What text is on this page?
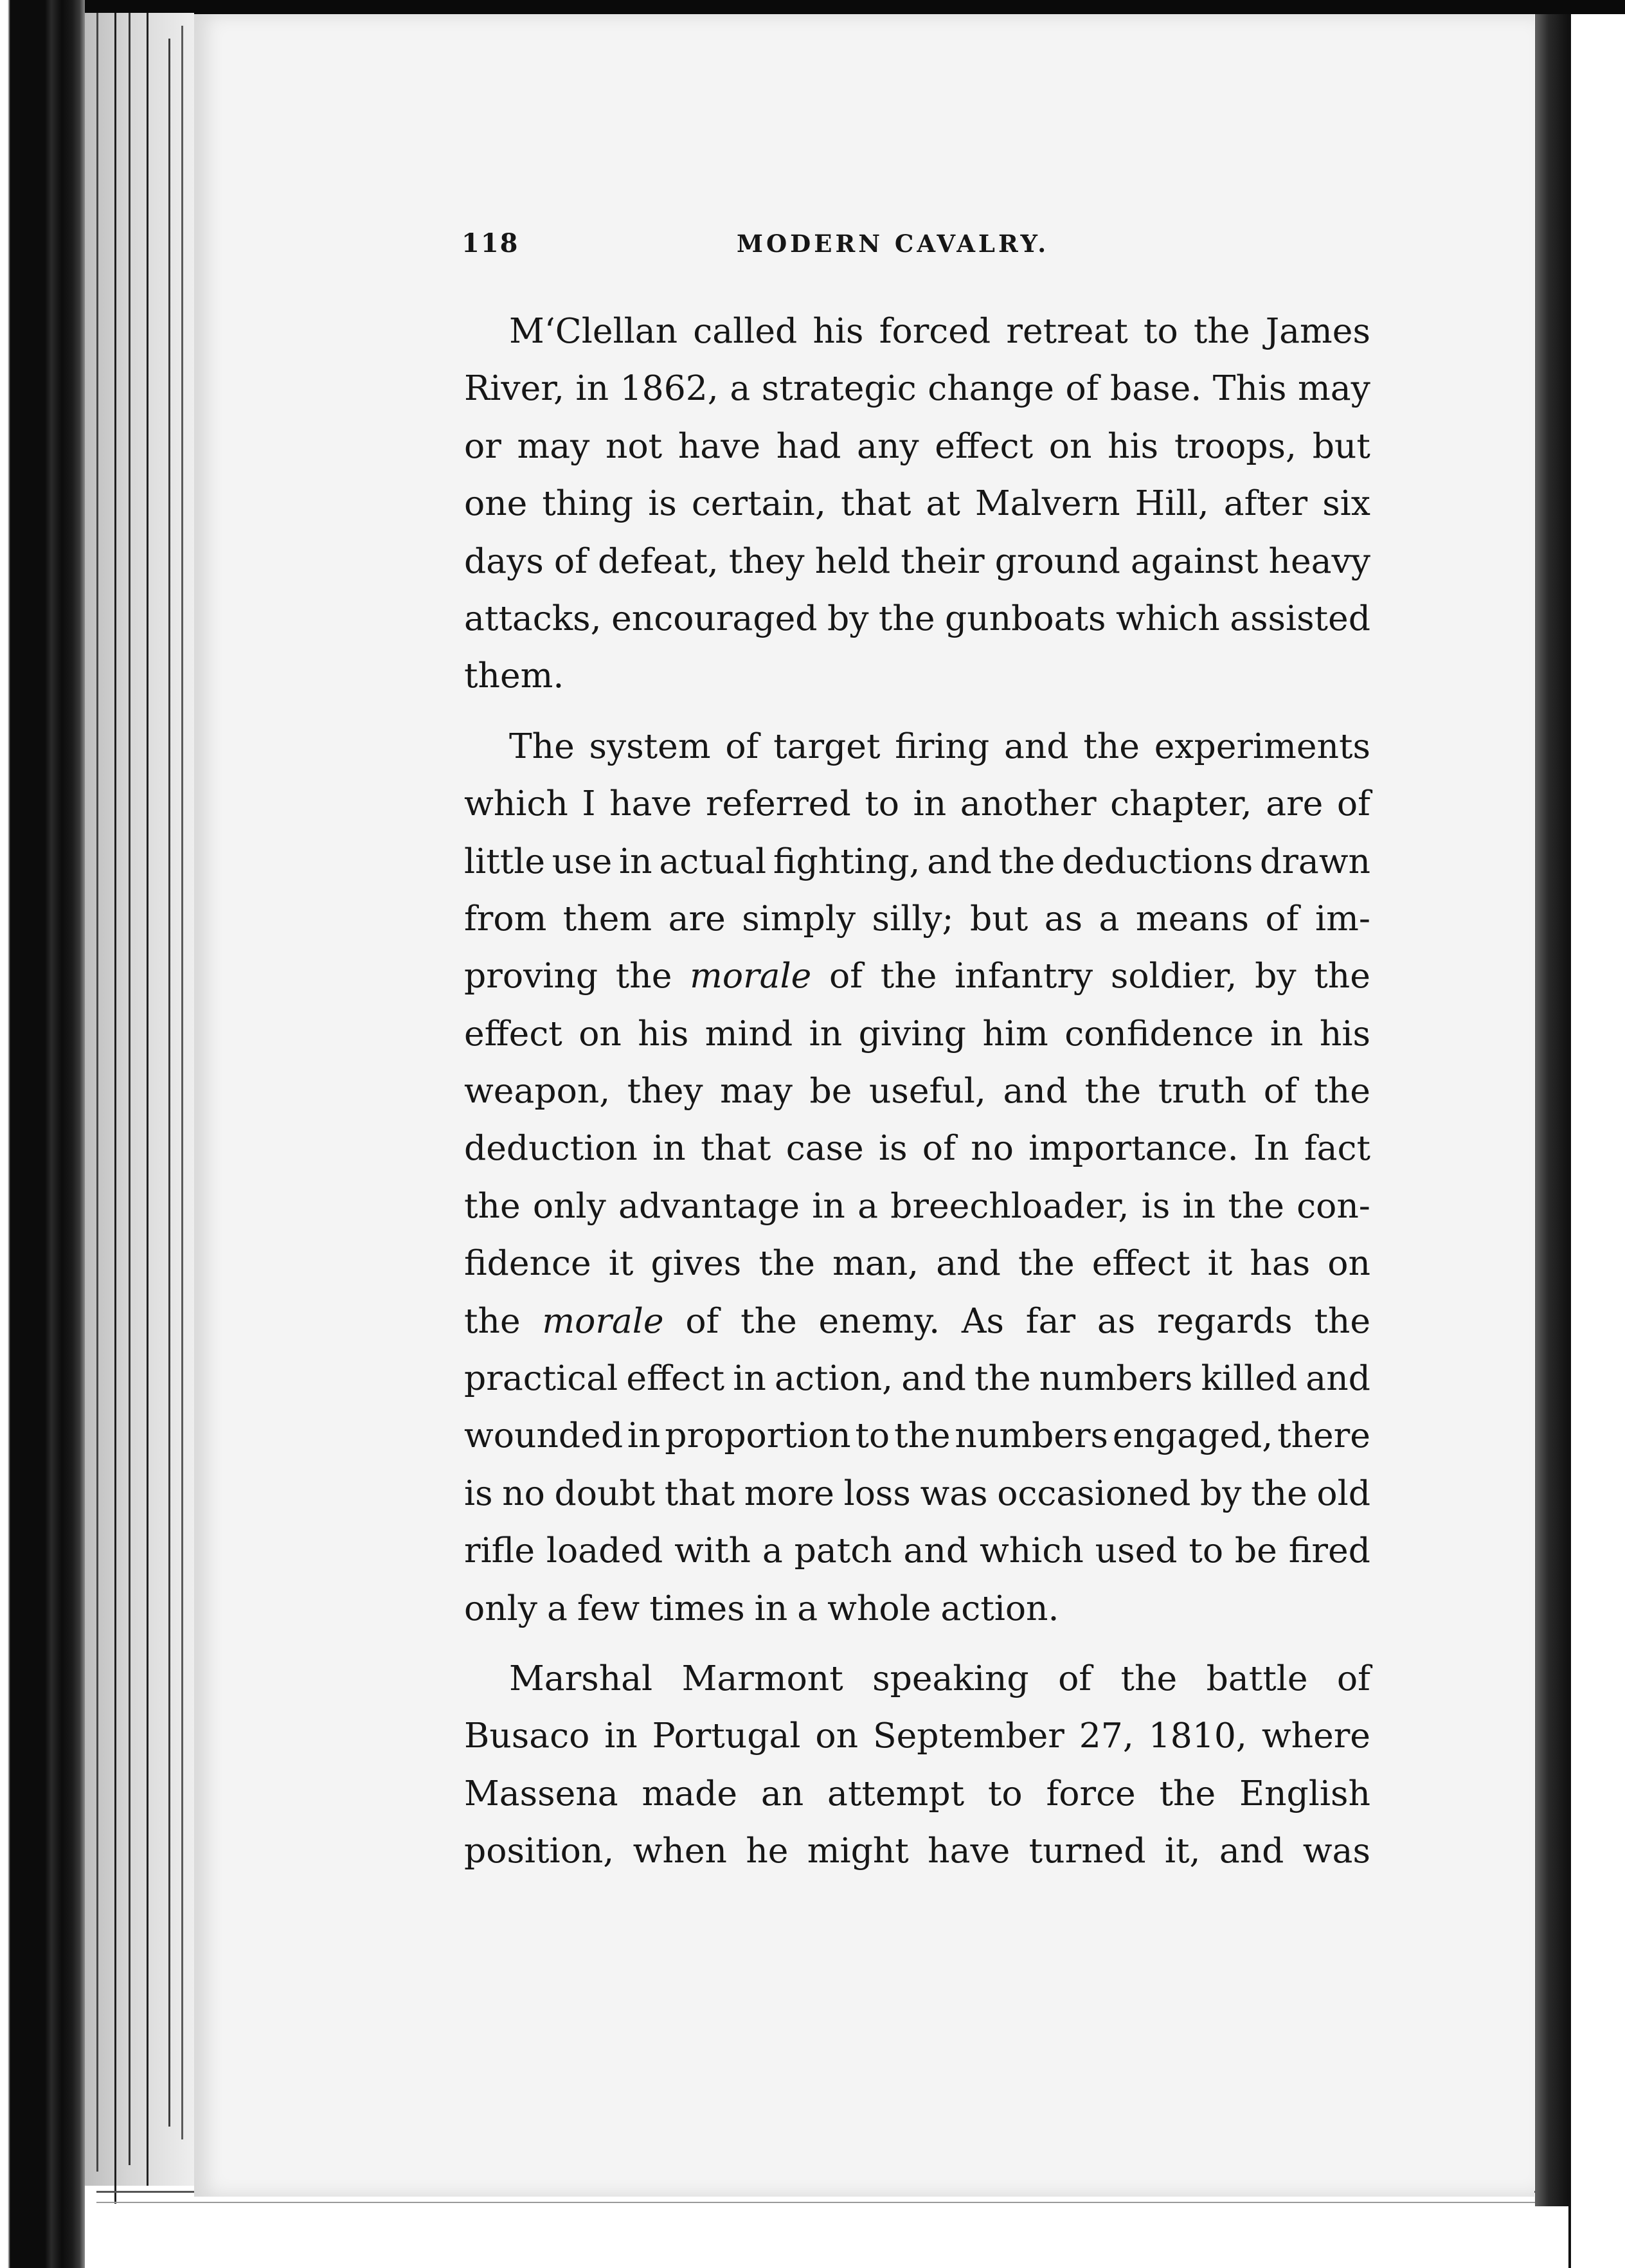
118	MODERN CAVALRY.
M‘Clellan called his forced retreat to the James
River, in 1862, a strategic change of base. This may
or may not have had any effect on his troops, but
one thing is certain, that at Malvern Hill, after six
days of defeat, they held their ground against heavy
attacks, encouraged by the gunboats which assisted
them.
The system of target firing and the experiments
which I have referred to in another chapter, are of
little use in actual fighting, and the deductions drawn
from them are simply silly; but as a means of im-
proving the morale of the infantry soldier, by the
effect on his mind in giving him confidence in his
weapon, they may be useful, and the truth of the
deduction in that case is of no importance. In fact
the only advantage in a breechloader, is in the con-
fidence it gives the man, and the effect it has on
the morale of the enemy. As far as regards the
practical effect in action, and the numbers killed and
wounded in proportion to the numbers engaged, there
is no doubt that more loss was occasioned by the old
rifle loaded with a patch and which used to be fired
only a few times in a whole action.
Marshal Marmont speaking of the battle of
Busaco in Portugal on September 27, 1810, where
Massena made an attempt to force the English
position, when he might have turned it, and was
